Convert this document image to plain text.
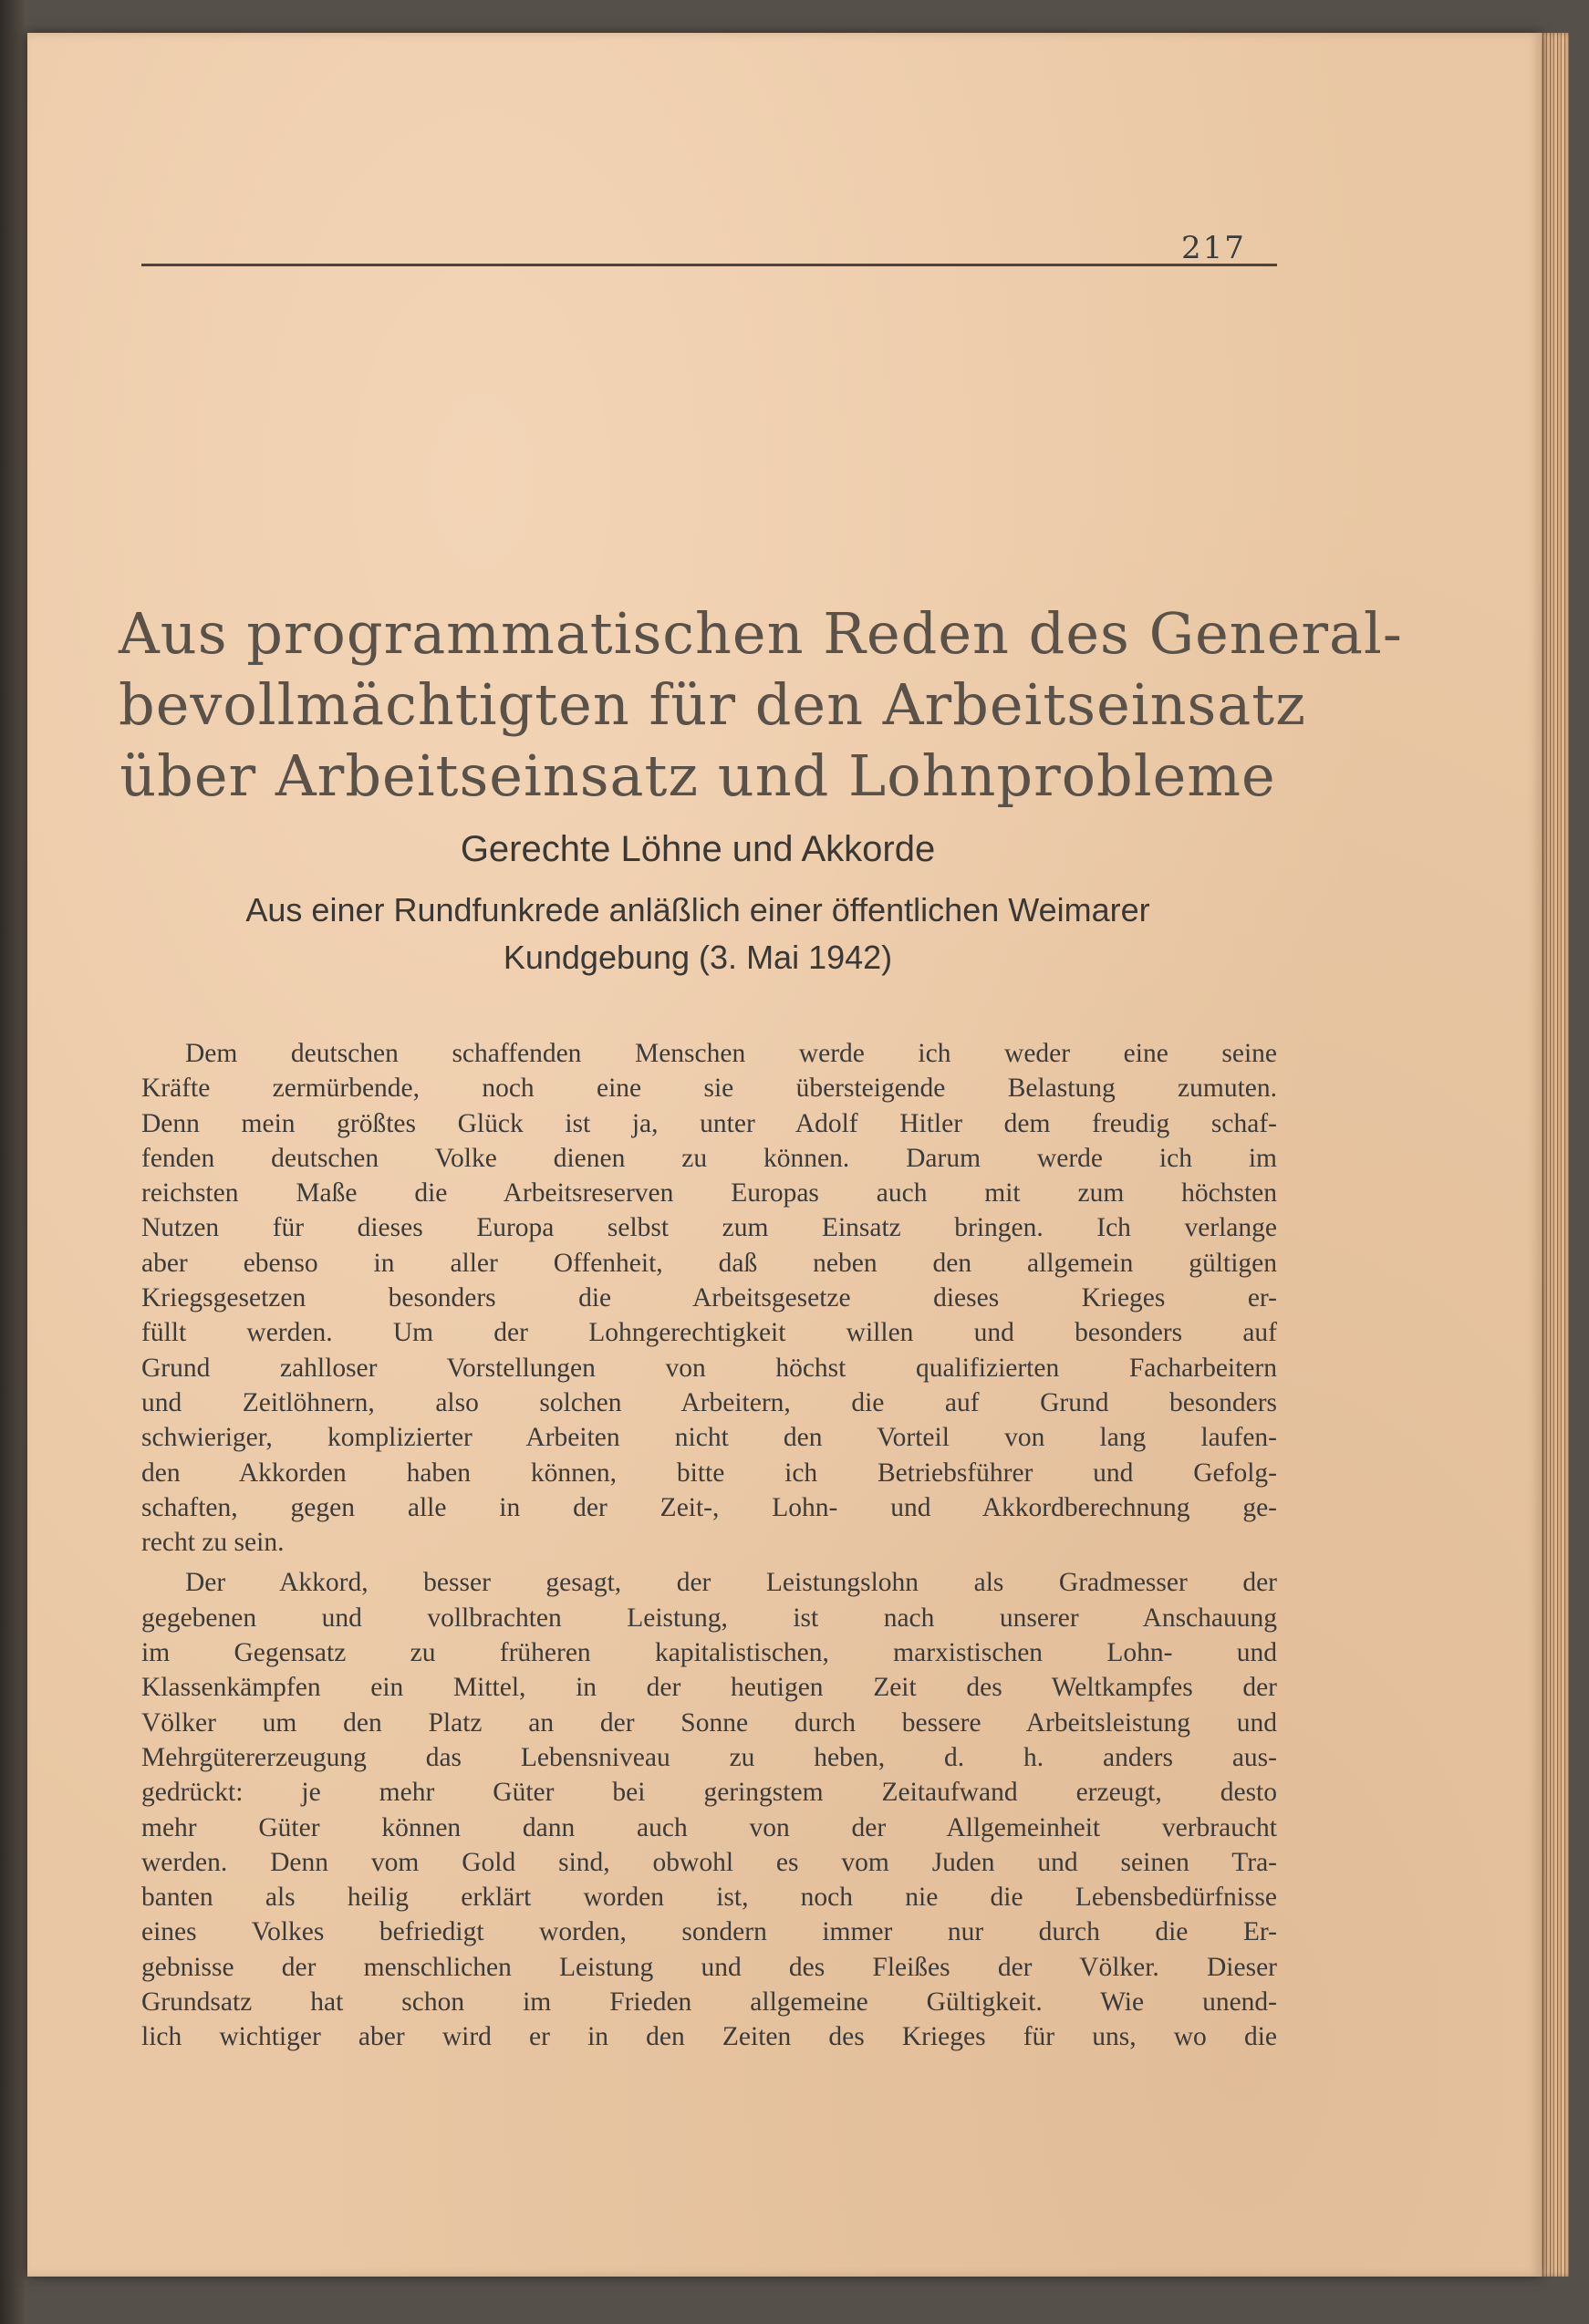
217
Aus programmatischen Reden des General-
bevollmächtigten für den Arbeitseinsatz
über Arbeitseinsatz und Lohnprobleme
Gerechte Löhne und Akkorde
Aus einer Rundfunkrede anläßlich einer öffentlichen Weimarer
Kundgebung (3. Mai 1942)
Dem deutschen schaffenden Menschen werde ich weder eine seine
Kräfte zermürbende, noch eine sie übersteigende Belastung zumuten.
Denn mein größtes Glück ist ja, unter Adolf Hitler dem freudig schaf-
fenden deutschen Volke dienen zu können. Darum werde ich im
reichsten Maße die Arbeitsreserven Europas auch mit zum höchsten
Nutzen für dieses Europa selbst zum Einsatz bringen. Ich verlange
aber ebenso in aller Offenheit, daß neben den allgemein gültigen
Kriegsgesetzen besonders die Arbeitsgesetze dieses Krieges er-
füllt werden. Um der Lohngerechtigkeit willen und besonders auf
Grund zahlloser Vorstellungen von höchst qualifizierten Facharbeitern
und Zeitlöhnern, also solchen Arbeitern, die auf Grund besonders
schwieriger, komplizierter Arbeiten nicht den Vorteil von lang laufen-
den Akkorden haben können, bitte ich Betriebsführer und Gefolg-
schaften, gegen alle in der Zeit-, Lohn- und Akkordberechnung ge-
recht zu sein.
Der Akkord, besser gesagt, der Leistungslohn als Gradmesser der
gegebenen und vollbrachten Leistung, ist nach unserer Anschauung
im Gegensatz zu früheren kapitalistischen, marxistischen Lohn- und
Klassenkämpfen ein Mittel, in der heutigen Zeit des Weltkampfes der
Völker um den Platz an der Sonne durch bessere Arbeitsleistung und
Mehrgütererzeugung das Lebensniveau zu heben, d. h. anders aus-
gedrückt: je mehr Güter bei geringstem Zeitaufwand erzeugt, desto
mehr Güter können dann auch von der Allgemeinheit verbraucht
werden. Denn vom Gold sind, obwohl es vom Juden und seinen Tra-
banten als heilig erklärt worden ist, noch nie die Lebensbedürfnisse
eines Volkes befriedigt worden, sondern immer nur durch die Er-
gebnisse der menschlichen Leistung und des Fleißes der Völker. Dieser
Grundsatz hat schon im Frieden allgemeine Gültigkeit. Wie unend-
lich wichtiger aber wird er in den Zeiten des Krieges für uns, wo die
